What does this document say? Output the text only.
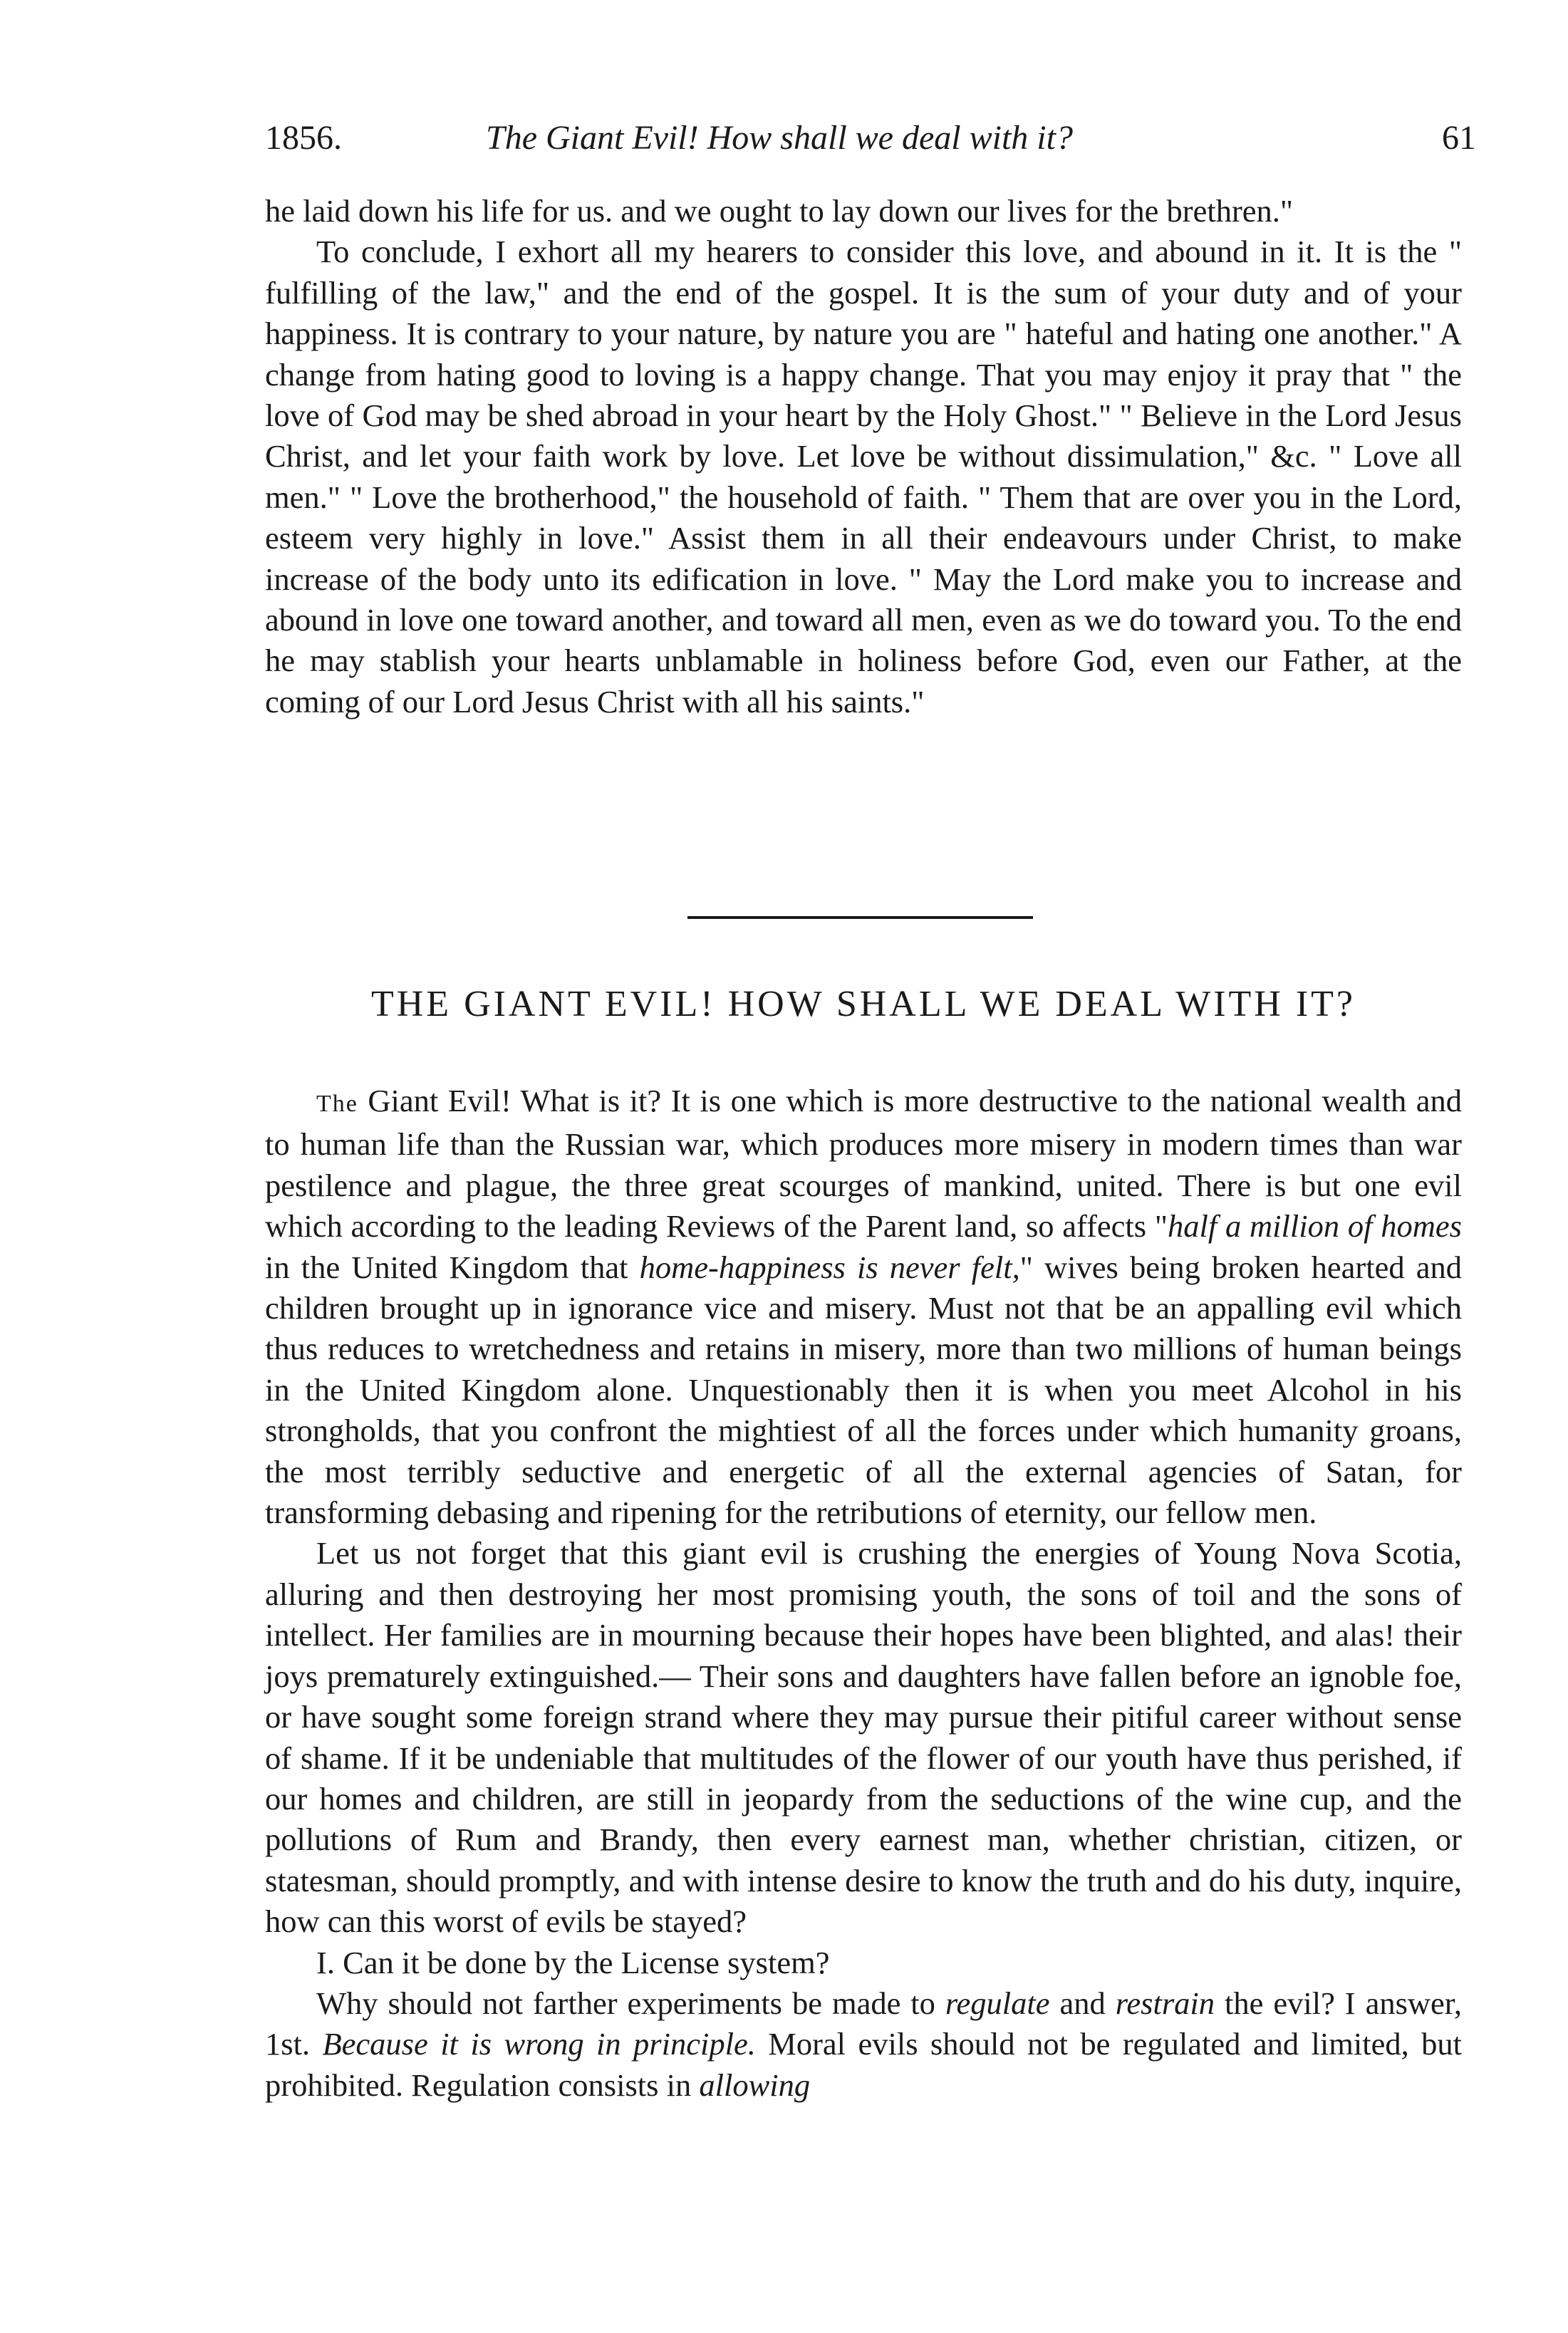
1856.	The Giant Evil! How shall we deal with it?	61

he laid down his life for us. and we ought to lay down our lives for the brethren."

To conclude, I exhort all my hearers to consider this love, and abound in it. It is the " fulfilling of the law," and the end of the gospel. It is the sum of your duty and of your happiness. It is contrary to your nature, by nature you are " hateful and hating one another." A change from hating good to loving is a happy change. That you may enjoy it pray that " the love of God may be shed abroad in your heart by the Holy Ghost." " Believe in the Lord Jesus Christ, and let your faith work by love. Let love be without dissimulation," &c. " Love all men." " Love the brotherhood," the household of faith. " Them that are over you in the Lord, esteem very highly in love." Assist them in all their endeavours under Christ, to make increase of the body unto its edification in love. " May the Lord make you to increase and abound in love one toward another, and toward all men, even as we do toward you. To the end he may stablish your hearts unblamable in holiness before God, even our Father, at the coming of our Lord Jesus Christ with all his saints."

THE GIANT EVIL! HOW SHALL WE DEAL WITH IT?

The Giant Evil! What is it? It is one which is more destructive to the national wealth and to human life than the Russian war, which produces more misery in modern times than war pestilence and plague, the three great scourges of mankind, united. There is but one evil which according to the leading Reviews of the Parent land, so affects "half a million of homes in the United Kingdom that home-happiness is never felt," wives being broken hearted and children brought up in ignorance vice and misery. Must not that be an appalling evil which thus reduces to wretchedness and retains in misery, more than two millions of human beings in the United Kingdom alone. Unquestionably then it is when you meet Alcohol in his strongholds, that you confront the mightiest of all the forces under which humanity groans, the most terribly seductive and energetic of all the external agencies of Satan, for transforming debasing and ripening for the retributions of eternity, our fellow men.

Let us not forget that this giant evil is crushing the energies of Young Nova Scotia, alluring and then destroying her most promising youth, the sons of toil and the sons of intellect. Her families are in mourning because their hopes have been blighted, and alas! their joys prematurely extinguished.— Their sons and daughters have fallen before an ignoble foe, or have sought some foreign strand where they may pursue their pitiful career without sense of shame. If it be undeniable that multitudes of the flower of our youth have thus perished, if our homes and children, are still in jeopardy from the seductions of the wine cup, and the pollutions of Rum and Brandy, then every earnest man, whether christian, citizen, or statesman, should promptly, and with intense desire to know the truth and do his duty, inquire, how can this worst of evils be stayed?

I. Can it be done by the License system?

Why should not farther experiments be made to regulate and restrain the evil? I answer, 1st. Because it is wrong in principle. Moral evils should not be regulated and limited, but prohibited. Regulation consists in allowing
